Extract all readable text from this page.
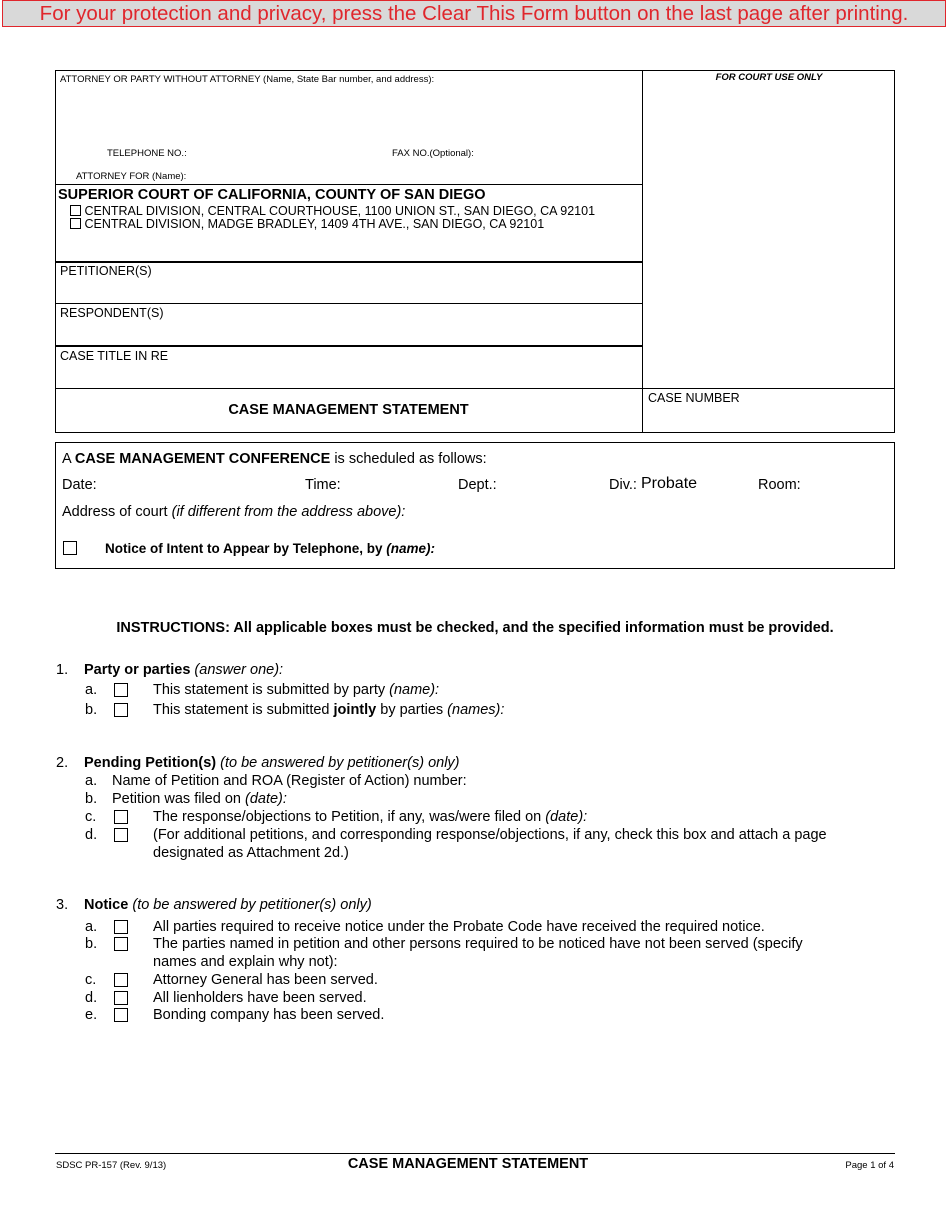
For your protection and privacy, press the Clear This Form button on the last page after printing.
ATTORNEY OR PARTY WITHOUT ATTORNEY (Name, State Bar number, and address):
TELEPHONE NO.:	FAX NO.(Optional):
ATTORNEY FOR (Name):
FOR COURT USE ONLY
SUPERIOR COURT OF CALIFORNIA, COUNTY OF SAN DIEGO
CENTRAL DIVISION, CENTRAL COURTHOUSE, 1100 UNION ST., SAN DIEGO, CA 92101
CENTRAL DIVISION, MADGE BRADLEY, 1409 4TH AVE., SAN DIEGO, CA 92101
PETITIONER(S)
RESPONDENT(S)
CASE TITLE IN RE
CASE MANAGEMENT STATEMENT
CASE NUMBER
A CASE MANAGEMENT CONFERENCE is scheduled as follows:
Date:	Time:	Dept.:	Div.: Probate	Room:
Address of court (if different from the address above):
Notice of Intent to Appear by Telephone, by (name):
INSTRUCTIONS: All applicable boxes must be checked, and the specified information must be provided.
1. Party or parties (answer one):
a.	This statement is submitted by party (name):
b.	This statement is submitted jointly by parties (names):
2. Pending Petition(s) (to be answered by petitioner(s) only)
a. Name of Petition and ROA (Register of Action) number:
b. Petition was filed on (date):
c.	The response/objections to Petition, if any, was/were filed on (date):
d.	(For additional petitions, and corresponding response/objections, if any, check this box and attach a page
designated as Attachment 2d.)
3. Notice (to be answered by petitioner(s) only)
a.	All parties required to receive notice under the Probate Code have received the required notice.
b.	The parties named in petition and other persons required to be noticed have not been served (specify
names and explain why not):
c.	Attorney General has been served.
d.	All lienholders have been served.
e.	Bonding company has been served.
SDSC PR-157 (Rev. 9/13)	CASE MANAGEMENT STATEMENT	Page 1 of 4
